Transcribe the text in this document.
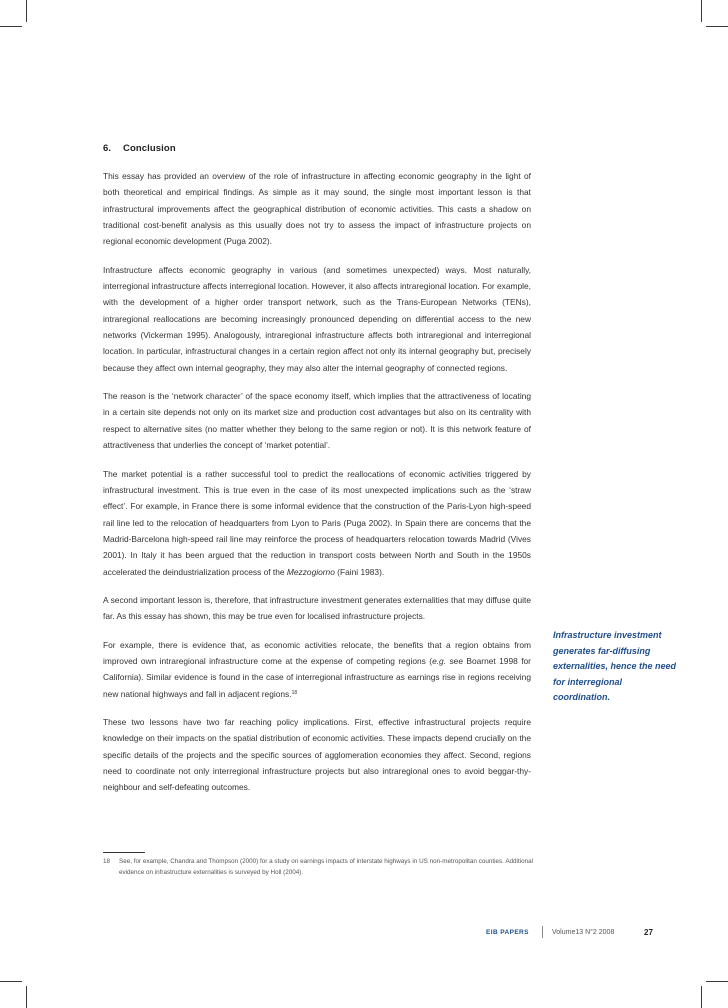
6. Conclusion

This essay has provided an overview of the role of infrastructure in affecting economic geography in the light of both theoretical and empirical findings. As simple as it may sound, the single most important lesson is that infrastructural improvements affect the geographical distribution of economic activities. This casts a shadow on traditional cost-benefit analysis as this usually does not try to assess the impact of infrastructure projects on regional economic development (Puga 2002).

Infrastructure affects economic geography in various (and sometimes unexpected) ways. Most naturally, interregional infrastructure affects interregional location. However, it also affects intraregional location. For example, with the development of a higher order transport network, such as the Trans-European Networks (TENs), intraregional reallocations are becoming increasingly pronounced depending on differential access to the new networks (Vickerman 1995). Analogously, intraregional infrastructure affects both intraregional and interregional location. In particular, infrastructural changes in a certain region affect not only its internal geography but, precisely because they affect own internal geography, they may also alter the internal geography of connected regions.

The reason is the ‘network character’ of the space economy itself, which implies that the attractiveness of locating in a certain site depends not only on its market size and production cost advantages but also on its centrality with respect to alternative sites (no matter whether they belong to the same region or not). It is this network feature of attractiveness that underlies the concept of ‘market potential’.

The market potential is a rather successful tool to predict the reallocations of economic activities triggered by infrastructural investment. This is true even in the case of its most unexpected implications such as the ‘straw effect’. For example, in France there is some informal evidence that the construction of the Paris-Lyon high-speed rail line led to the relocation of headquarters from Lyon to Paris (Puga 2002). In Spain there are concerns that the Madrid-Barcelona high-speed rail line may reinforce the process of headquarters relocation towards Madrid (Vives 2001). In Italy it has been argued that the reduction in transport costs between North and South in the 1950s accelerated the deindustrialization process of the Mezzogiorno (Faini 1983).

A second important lesson is, therefore, that infrastructure investment generates externalities that may diffuse quite far. As this essay has shown, this may be true even for localised infrastructure projects.

For example, there is evidence that, as economic activities relocate, the benefits that a region obtains from improved own intraregional infrastructure come at the expense of competing regions (e.g. see Boarnet 1998 for California). Similar evidence is found in the case of interregional infrastructure as earnings rise in regions receiving new national highways and fall in adjacent regions.$^{18}$

These two lessons have two far reaching policy implications. First, effective infrastructural projects require knowledge on their impacts on the spatial distribution of economic activities. These impacts depend crucially on the specific details of the projects and the specific sources of agglomeration economies they affect. Second, regions need to coordinate not only interregional infrastructure projects but also intraregional ones to avoid beggar-thy-neighbour and self-defeating outcomes.

Infrastructure investment generates far-diffusing externalities, hence the need for interregional coordination.
18 See, for example, Chandra and Thompson (2000) for a study on earnings impacts of interstate highways in US non-metropolitan counties. Additional evidence on infrastructure externalities is surveyed by Holl (2004).
EIB PAPERS	Volume13 N°2 2008	27
